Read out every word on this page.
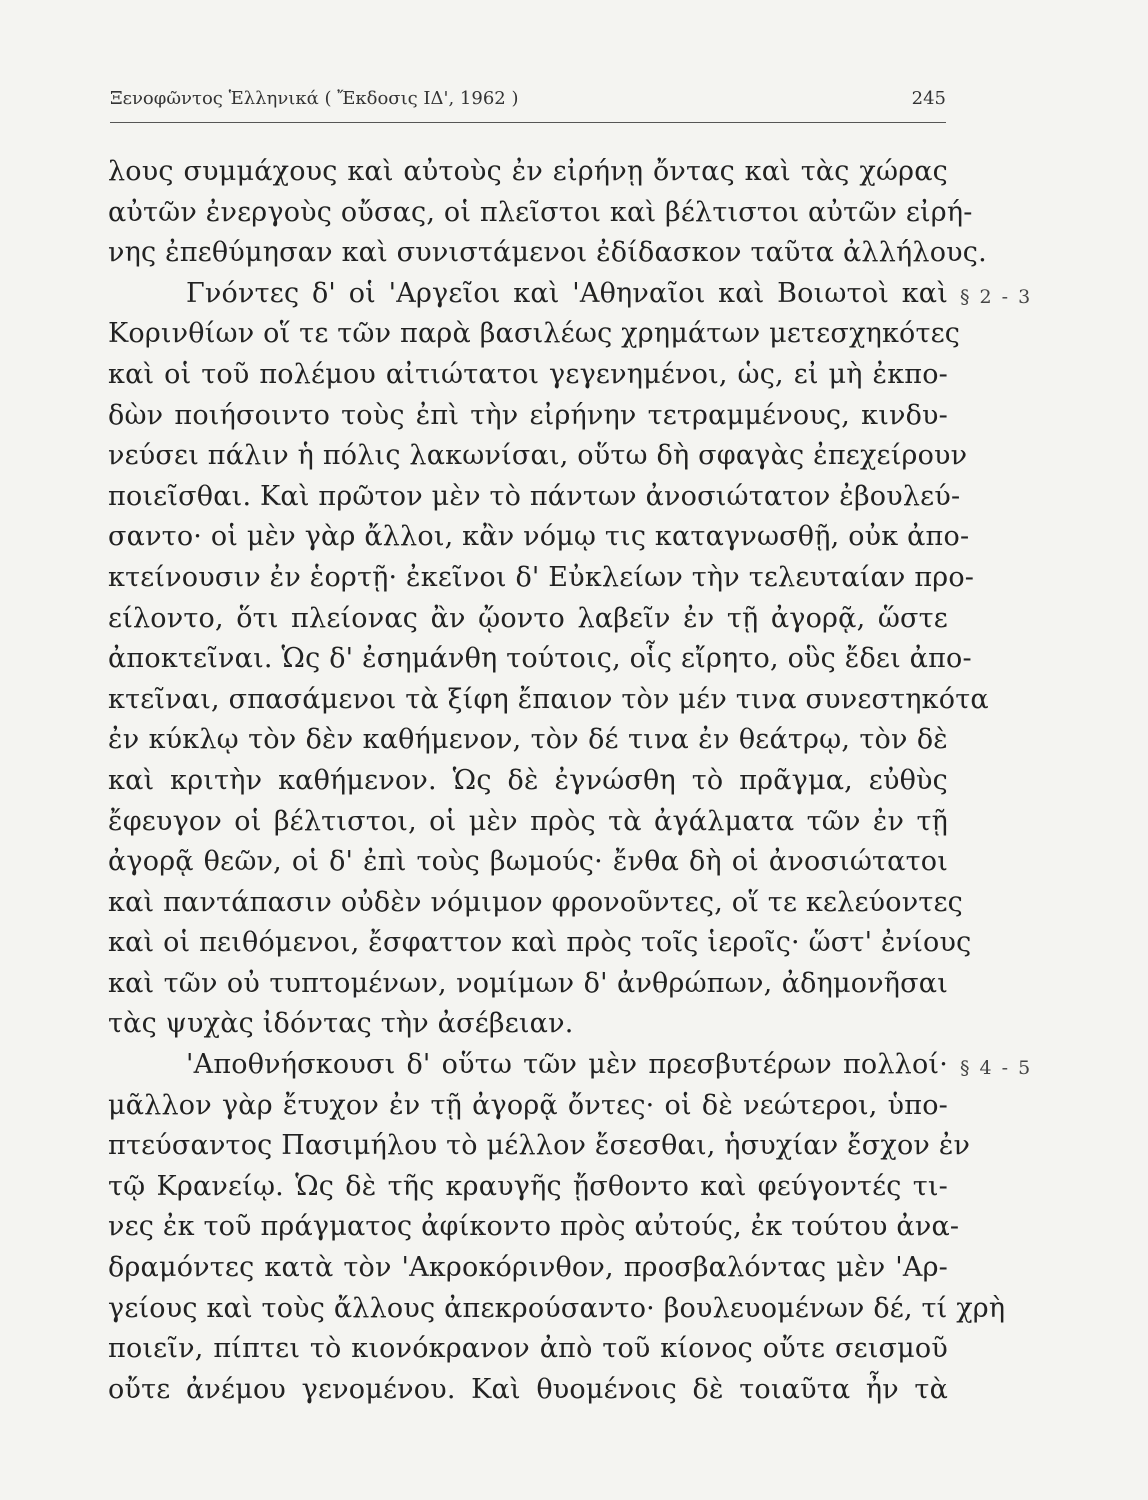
Ξενοφῶντος Ἑλληνικά ( Ἔκδοσις ΙΔ', 1962 )	245
λους συμμάχους καὶ αὐτοὺς ἐν εἰρήνῃ ὄντας καὶ τὰς χώρας
αὐτῶν ἐνεργοὺς οὔσας, οἱ πλεῖστοι καὶ βέλτιστοι αὐτῶν εἰρή-
νης ἐπεθύμησαν καὶ συνιστάμενοι ἐδίδασκον ταῦτα ἀλλήλους.
Γνόντες δ' οἱ 'Αργεῖοι καὶ 'Αθηναῖοι καὶ Βοιωτοὶ καὶ
Κορινθίων οἵ τε τῶν παρὰ βασιλέως χρημάτων μετεσχηκότες
καὶ οἱ τοῦ πολέμου αἰτιώτατοι γεγενημένοι, ὡς, εἰ μὴ ἐκπο-
δὼν ποιήσοιντο τοὺς ἐπὶ τὴν εἰρήνην τετραμμένους, κινδυ-
νεύσει πάλιν ἡ πόλις λακωνίσαι, οὕτω δὴ σφαγὰς ἐπεχείρουν
ποιεῖσθαι. Καὶ πρῶτον μὲν τὸ πάντων ἀνοσιώτατον ἐβουλεύ-
σαντο· οἱ μὲν γὰρ ἄλλοι, κἂν νόμῳ τις καταγνωσθῇ, οὐκ ἀπο-
κτείνουσιν ἐν ἑορτῇ· ἐκεῖνοι δ' Εὐκλείων τὴν τελευταίαν προ-
είλοντο, ὅτι πλείονας ἂν ᾤοντο λαβεῖν ἐν τῇ ἀγορᾷ, ὥστε
ἀποκτεῖναι. Ὡς δ' ἐσημάνθη τούτοις, οἷς εἴρητο, οὓς ἔδει ἀπο-
κτεῖναι, σπασάμενοι τὰ ξίφη ἔπαιον τὸν μέν τινα συνεστηκότα
ἐν κύκλῳ τὸν δὲν καθήμενον, τὸν δέ τινα ἐν θεάτρῳ, τὸν δὲ
καὶ κριτὴν καθήμενον. Ὡς δὲ ἐγνώσθη τὸ πρᾶγμα, εὐθὺς
ἔφευγον οἱ βέλτιστοι, οἱ μὲν πρὸς τὰ ἀγάλματα τῶν ἐν τῇ
ἀγορᾷ θεῶν, οἱ δ' ἐπὶ τοὺς βωμούς· ἔνθα δὴ οἱ ἀνοσιώτατοι
καὶ παντάπασιν οὐδὲν νόμιμον φρονοῦντες, οἵ τε κελεύοντες
καὶ οἱ πειθόμενοι, ἔσφαττον καὶ πρὸς τοῖς ἱεροῖς· ὥστ' ἐνίους
καὶ τῶν οὐ τυπτομένων, νομίμων δ' ἀνθρώπων, ἀδημονῆσαι
τὰς ψυχὰς ἰδόντας τὴν ἀσέβειαν.
'Αποθνήσκουσι δ' οὕτω τῶν μὲν πρεσβυτέρων πολλοί·
μᾶλλον γὰρ ἔτυχον ἐν τῇ ἀγορᾷ ὄντες· οἱ δὲ νεώτεροι, ὑπο-
πτεύσαντος Πασιμήλου τὸ μέλλον ἔσεσθαι, ἡσυχίαν ἔσχον ἐν
τῷ Κρανείῳ. Ὡς δὲ τῆς κραυγῆς ᾔσθοντο καὶ φεύγοντές τι-
νες ἐκ τοῦ πράγματος ἀφίκοντο πρὸς αὐτούς, ἐκ τούτου ἀνα-
δραμόντες κατὰ τὸν 'Ακροκόρινθον, προσβαλόντας μὲν 'Αρ-
γείους καὶ τοὺς ἄλλους ἀπεκρούσαντο· βουλευομένων δέ, τί χρὴ
ποιεῖν, πίπτει τὸ κιονόκρανον ἀπὸ τοῦ κίονος οὔτε σεισμοῦ
οὔτε ἀνέμου γενομένου. Καὶ θυομένοις δὲ τοιαῦτα ἦν τὰ
§ 2 - 3
§ 4 - 5
